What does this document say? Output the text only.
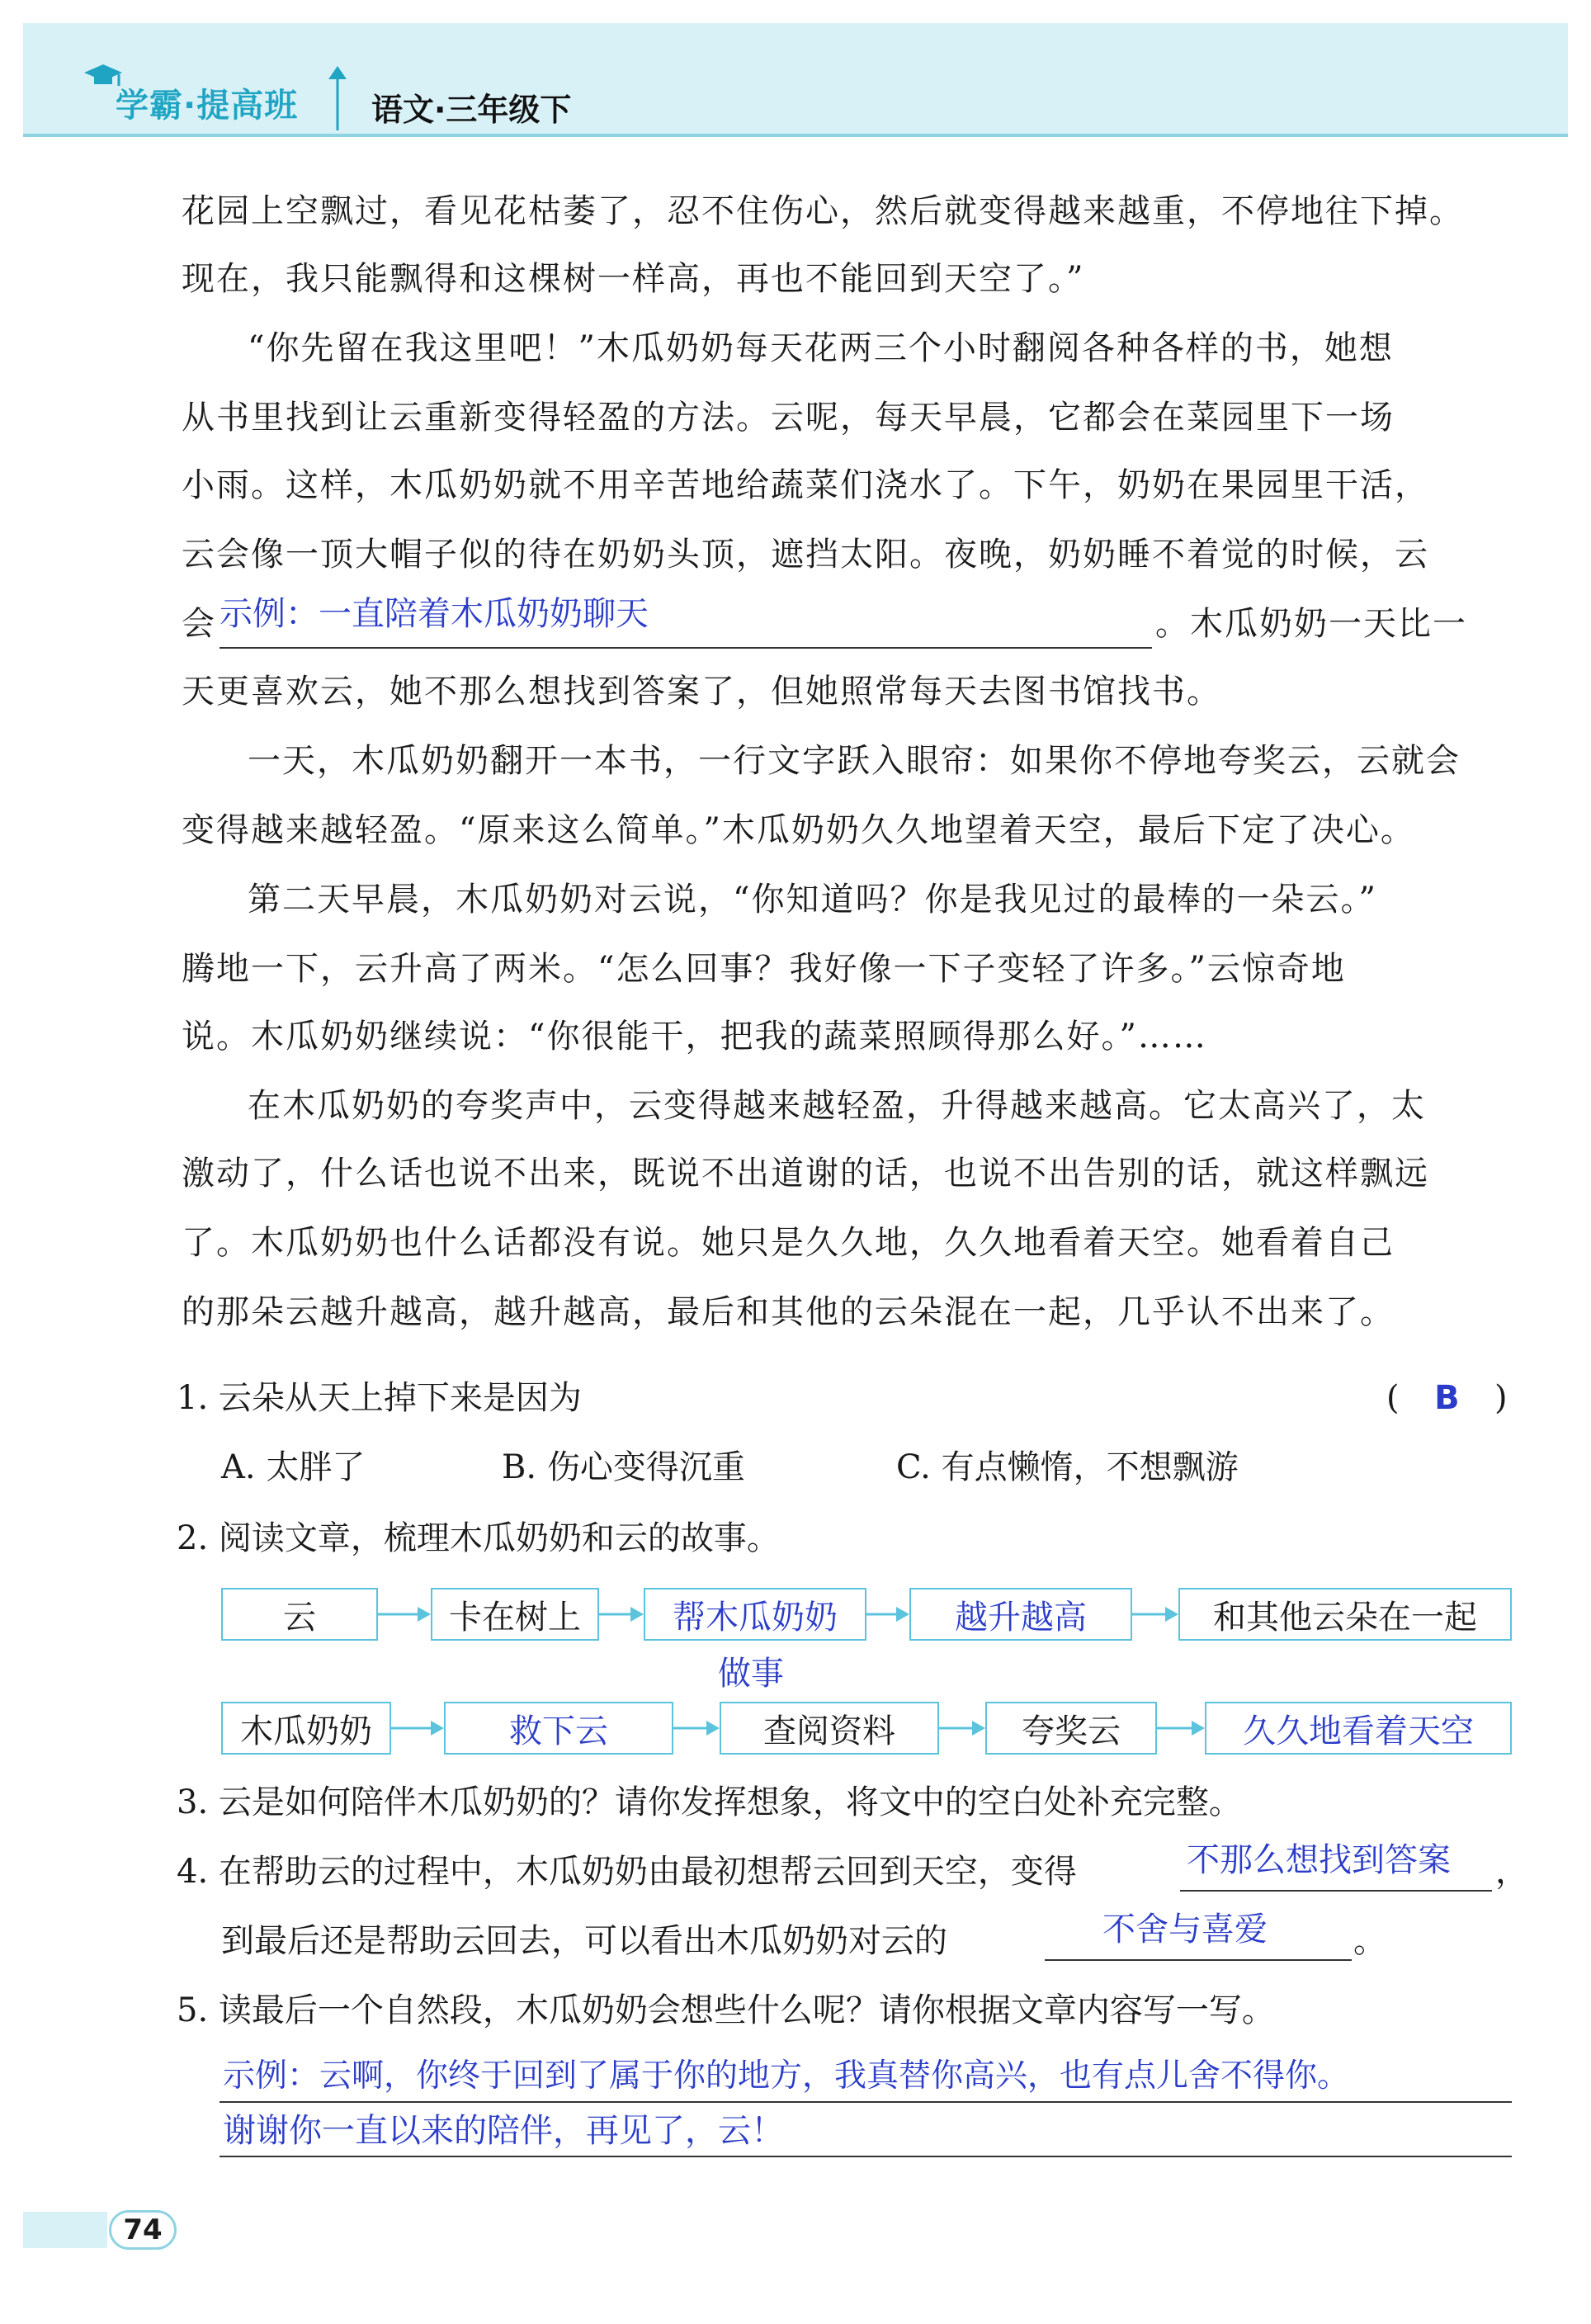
学霸·提高班 语文·三年级下
花园上空飘过，看见花枯萎了，忍不住伤心，然后就变得越来越重，不停地往下掉。
现在，我只能飘得和这棵树一样高，再也不能回到天空了。”
“你先留在我这里吧！”木瓜奶奶每天花两三个小时翻阅各种各样的书，她想
从书里找到让云重新变得轻盈的方法。云呢，每天早晨，它都会在菜园里下一场
小雨。这样，木瓜奶奶就不用辛苦地给蔬菜们浇水了。下午，奶奶在果园里干活，
云会像一顶大帽子似的待在奶奶头顶，遮挡太阳。夜晚，奶奶睡不着觉的时候，云
会 示例：一直陪着木瓜奶奶聊天	。木瓜奶奶一天比一
天更喜欢云，她不那么想找到答案了，但她照常每天去图书馆找书。
一天，木瓜奶奶翻开一本书，一行文字跃入眼帘：如果你不停地夸奖云，云就会
变得越来越轻盈。“原来这么简单。”木瓜奶奶久久地望着天空，最后下定了决心。
第二天早晨，木瓜奶奶对云说，“你知道吗？你是我见过的最棒的一朵云。”
腾地一下，云升高了两米。“怎么回事？我好像一下子变轻了许多。”云惊奇地
说。木瓜奶奶继续说：“你很能干，把我的蔬菜照顾得那么好。”……
在木瓜奶奶的夸奖声中，云变得越来越轻盈，升得越来越高。它太高兴了，太
激动了，什么话也说不出来，既说不出道谢的话，也说不出告别的话，就这样飘远
了。木瓜奶奶也什么话都没有说。她只是久久地，久久地看着天空。她看着自己
的那朵云越升越高，越升越高，最后和其他的云朵混在一起，几乎认不出来了。
1. 云朵从天上掉下来是因为	( B )
A. 太胖了	B. 伤心变得沉重	C. 有点懒惰，不想飘游
2. 阅读文章，梳理木瓜奶奶和云的故事。
云	卡在树上	帮木瓜奶奶	越升越高	和其他云朵在一起
做事
木瓜奶奶	救下云	查阅资料	夸奖云	久久地看着天空
3. 云是如何陪伴木瓜奶奶的？请你发挥想象，将文中的空白处补充完整。
4. 在帮助云的过程中，木瓜奶奶由最初想帮云回到天空，变得	不那么想找到答案 ，
到最后还是帮助云回去，可以看出木瓜奶奶对云的	不舍与喜爱	。
5. 读最后一个自然段，木瓜奶奶会想些什么呢？请你根据文章内容写一写。
示例：云啊，你终于回到了属于你的地方，我真替你高兴，也有点儿舍不得你。
谢谢你一直以来的陪伴，再见了，云！
74
